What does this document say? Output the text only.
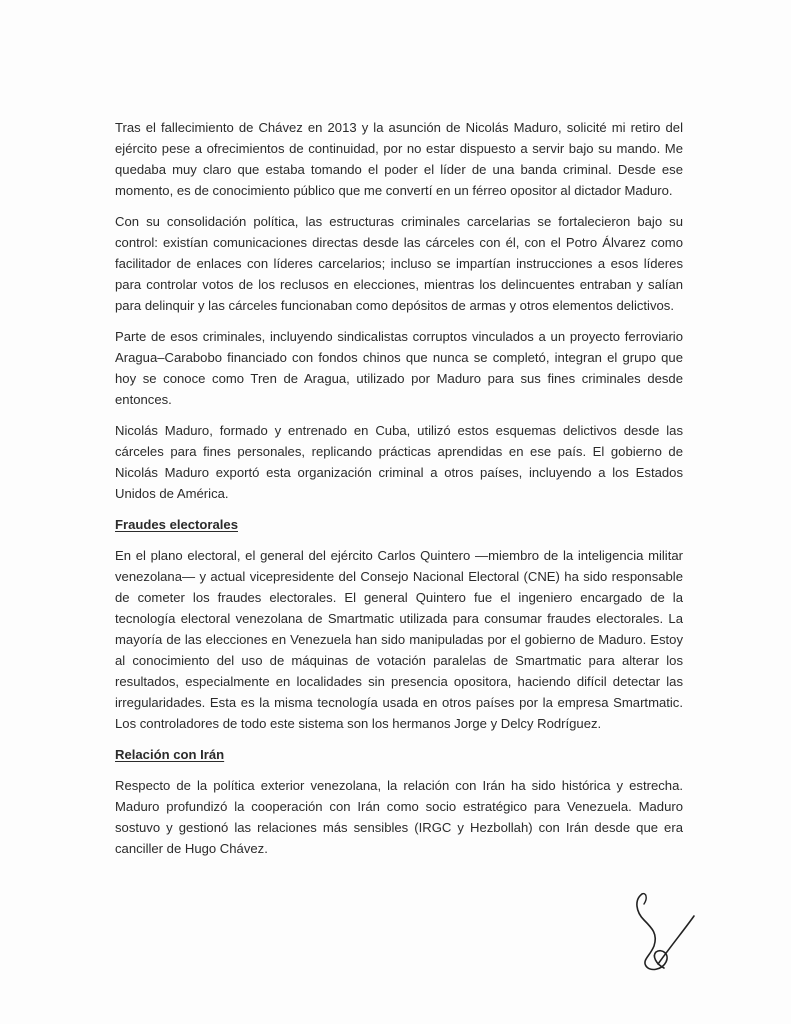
Tras el fallecimiento de Chávez en 2013 y la asunción de Nicolás Maduro, solicité mi retiro del ejército pese a ofrecimientos de continuidad, por no estar dispuesto a servir bajo su mando. Me quedaba muy claro que estaba tomando el poder el líder de una banda criminal. Desde ese momento, es de conocimiento público que me convertí en un férreo opositor al dictador Maduro.

Con su consolidación política, las estructuras criminales carcelarias se fortalecieron bajo su control: existían comunicaciones directas desde las cárceles con él, con el Potro Álvarez como facilitador de enlaces con líderes carcelarios; incluso se impartían instrucciones a esos líderes para controlar votos de los reclusos en elecciones, mientras los delincuentes entraban y salían para delinquir y las cárceles funcionaban como depósitos de armas y otros elementos delictivos.

Parte de esos criminales, incluyendo sindicalistas corruptos vinculados a un proyecto ferroviario Aragua–Carabobo financiado con fondos chinos que nunca se completó, integran el grupo que hoy se conoce como Tren de Aragua, utilizado por Maduro para sus fines criminales desde entonces.

Nicolás Maduro, formado y entrenado en Cuba, utilizó estos esquemas delictivos desde las cárceles para fines personales, replicando prácticas aprendidas en ese país. El gobierno de Nicolás Maduro exportó esta organización criminal a otros países, incluyendo a los Estados Unidos de América.

Fraudes electorales

En el plano electoral, el general del ejército Carlos Quintero —miembro de la inteligencia militar venezolana— y actual vicepresidente del Consejo Nacional Electoral (CNE) ha sido responsable de cometer los fraudes electorales. El general Quintero fue el ingeniero encargado de la tecnología electoral venezolana de Smartmatic utilizada para consumar fraudes electorales. La mayoría de las elecciones en Venezuela han sido manipuladas por el gobierno de Maduro. Estoy al conocimiento del uso de máquinas de votación paralelas de Smartmatic para alterar los resultados, especialmente en localidades sin presencia opositora, haciendo difícil detectar las irregularidades. Esta es la misma tecnología usada en otros países por la empresa Smartmatic. Los controladores de todo este sistema son los hermanos Jorge y Delcy Rodríguez.

Relación con Irán

Respecto de la política exterior venezolana, la relación con Irán ha sido histórica y estrecha. Maduro profundizó la cooperación con Irán como socio estratégico para Venezuela. Maduro sostuvo y gestionó las relaciones más sensibles (IRGC y Hezbollah) con Irán desde que era canciller de Hugo Chávez.
